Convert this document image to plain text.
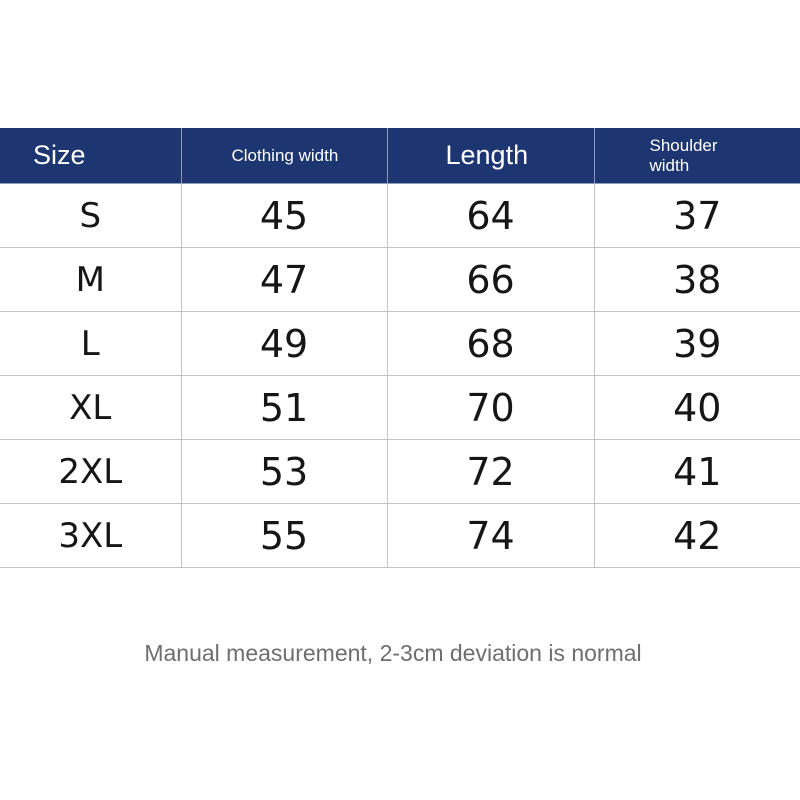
Size	Clothing width	Length	Shoulder width

S	45	64	37
M	47	66	38
L	49	68	39
XL	51	70	40
2XL	53	72	41
3XL	55	74	42
Manual measurement, 2-3cm deviation is normal
